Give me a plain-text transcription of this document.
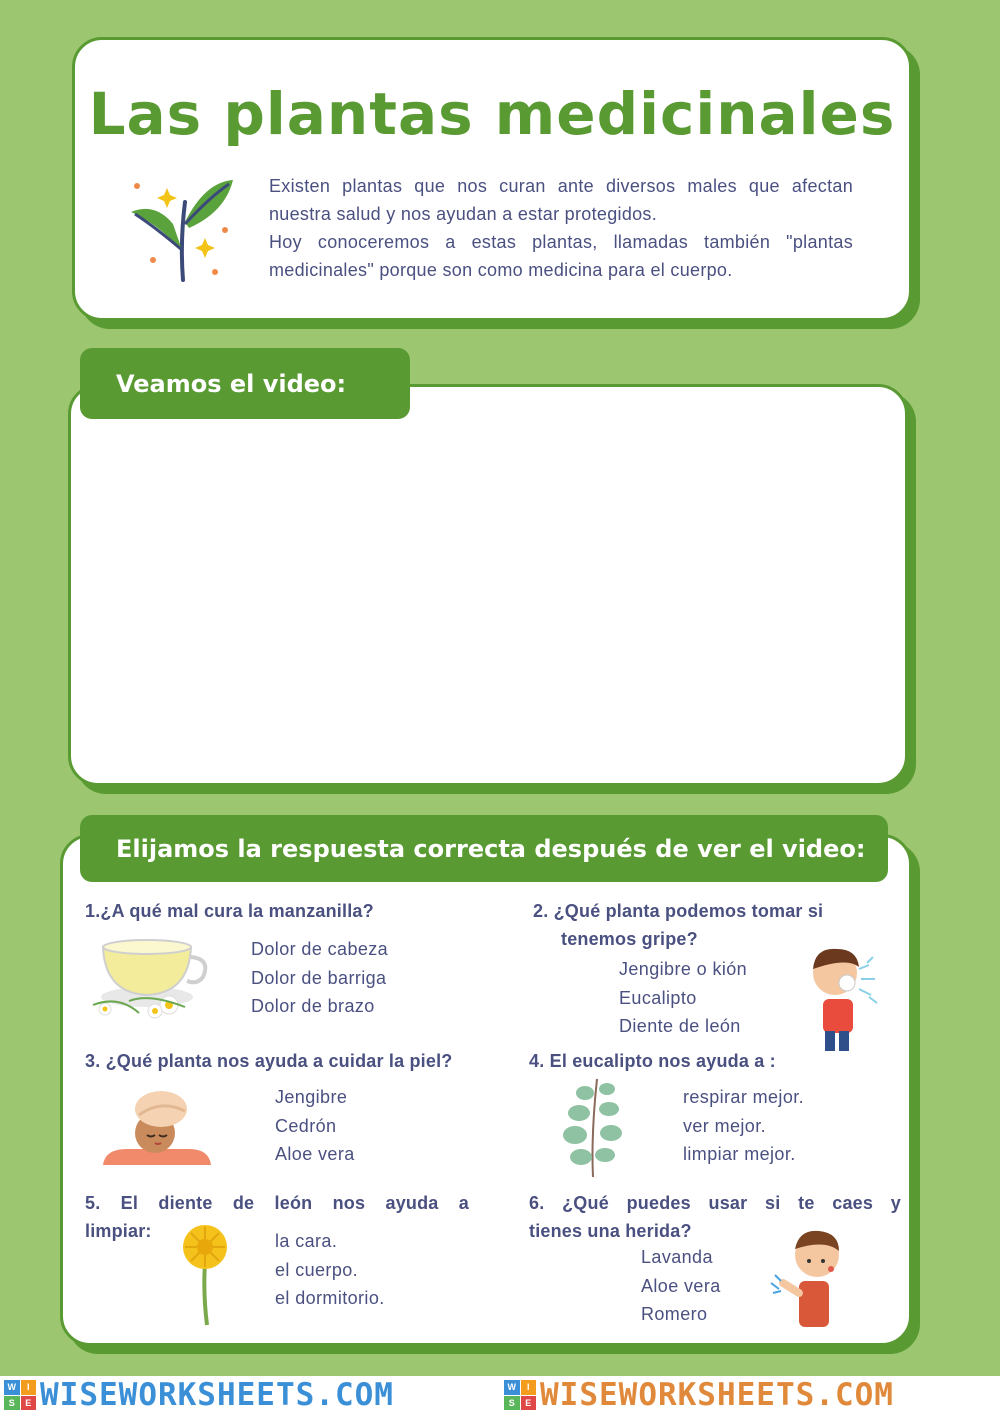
Las plantas medicinales

Existen plantas que nos curan ante diversos males que afectan nuestra salud y nos ayudan a estar protegidos.

Hoy conoceremos a estas plantas, llamadas también "plantas medicinales" porque son como medicina para el cuerpo.

Veamos el video:
1.¿A qué mal cura la manzanilla?
Dolor de cabeza
Dolor de barriga
Dolor de brazo
2. ¿Qué planta podemos tomar si
tenemos gripe?
Jengibre o kión
Eucalipto
Diente de león
3. ¿Qué planta nos ayuda a cuidar la piel?
Jengibre
Cedrón
Aloe vera
4. El eucalipto nos ayuda a :
respirar mejor.
ver mejor.
limpiar mejor.
5. El diente de león nos ayuda a
limpiar:	la cara.
el cuerpo.
el dormitorio.
6. ¿Qué puedes usar si te caes y
tienes una herida?
Lavanda
Aloe vera
Romero
Elijamos la respuesta correcta después de ver el video:
W	I
S	E WISEWORKSHEETS.COM	W	I
S	E WISEWORKSHEETS.COM
